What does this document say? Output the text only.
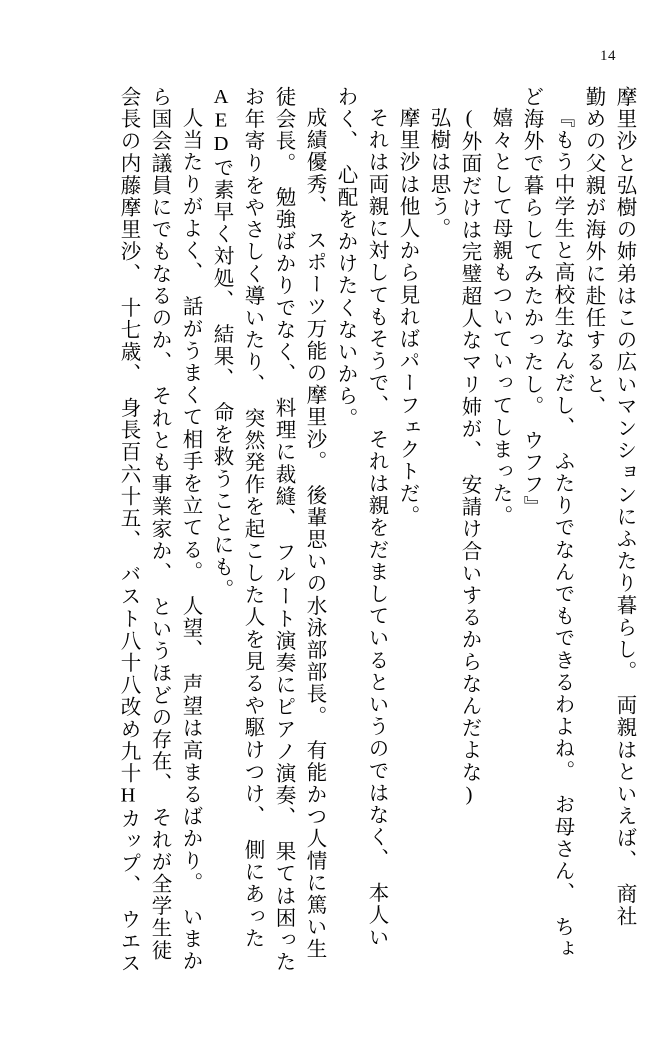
14
摩里沙と弘樹の姉弟はこの広いマンションにふたり暮らし。　両親はといえば、　商社
勤めの父親が海外に赴任すると、
『もう中学生と高校生なんだし、　ふたりでなんでもできるわよね。　お母さん、　ちょ
ど海外で暮らしてみたかったし。　ウフフ』
嬉々として母親もついていってしまった。
(外面だけは完璧超人なマリ姉が、　安請け合いするからなんだよな)
弘樹は思う。
摩里沙は他人から見ればパーフェクトだ。
それは両親に対してもそうで、　それは親をだましているというのではなく、　本人い
わく、　心配をかけたくないから。
成績優秀、　スポーツ万能の摩里沙。　後輩思いの水泳部部長。　有能かつ人情に篤い生
徒会長。　勉強ばかりでなく、　料理に裁縫、　フルート演奏にピアノ演奏、　果ては困った
お年寄りをやさしく導いたり、　突然発作を起こした人を見るや駆けつけ、　側にあった
AEDで素早く対処、　結果、　命を救うことにも。
人当たりがよく、　話がうまくて相手を立てる。　人望、　声望は高まるばかり。　いまか
ら国会議員にでもなるのか、　それとも事業家か、　というほどの存在、　それが全学生徒
会長の内藤摩里沙、　十七歳、　身長百六十五、　バスト八十八改め九十Hカップ、　ウエス
